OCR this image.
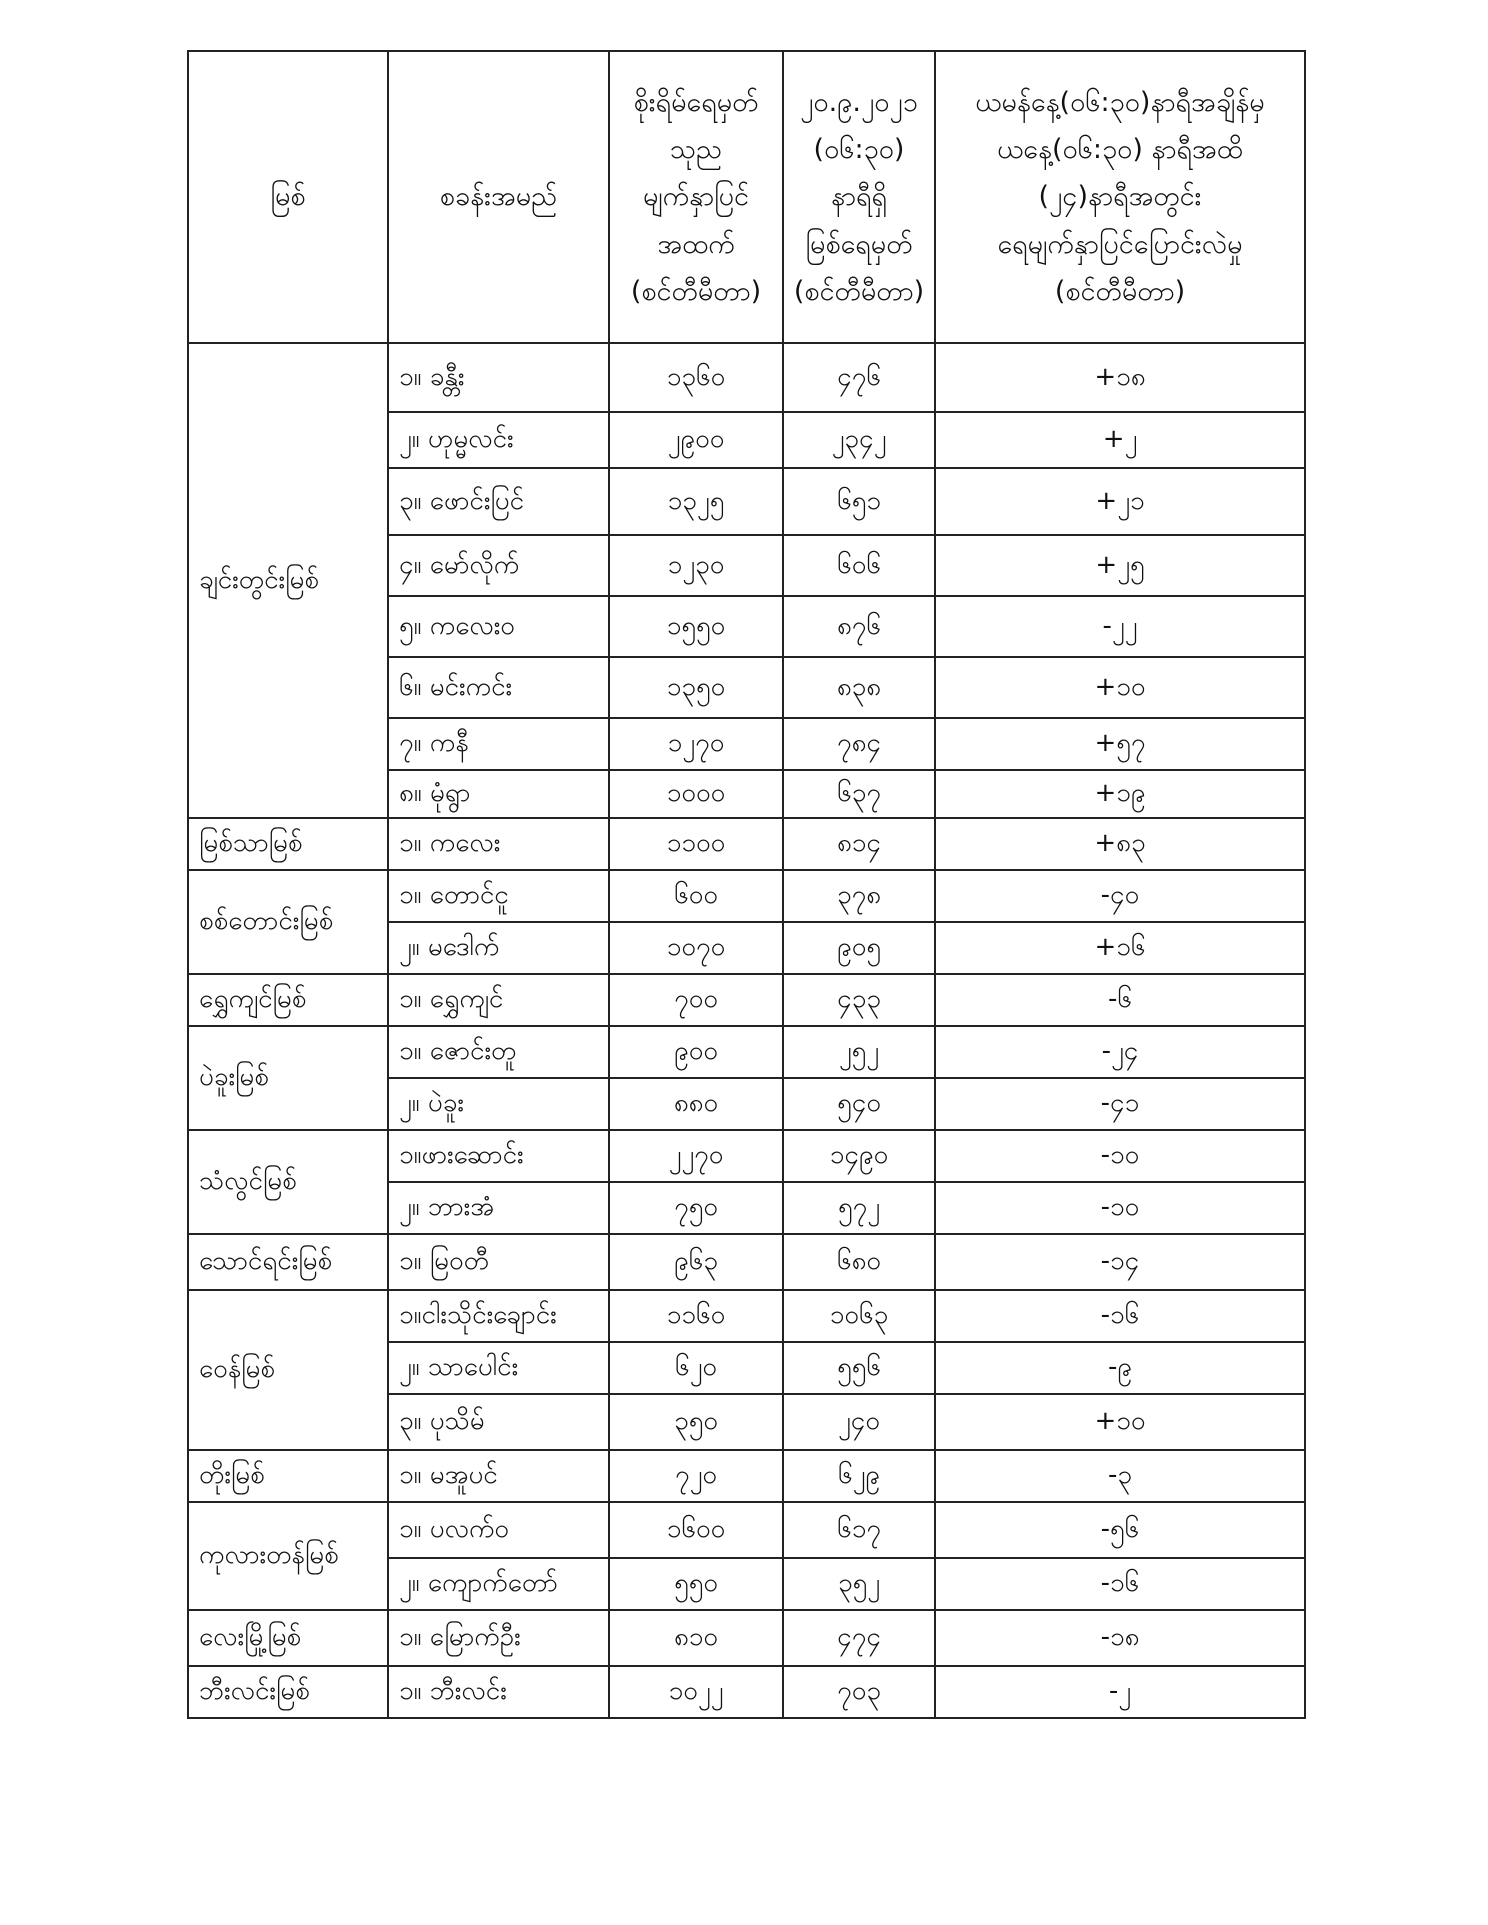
မြစ်	စခန်းအမည်	စိုးရိမ်ရေမှတ်
သုည
မျက်နှာပြင်
အထက်
(စင်တီမီတာ)	၂၀.၉.၂၀၂၁
(၀၆:၃၀)
နာရီရှိ
မြစ်ရေမှတ်
(စင်တီမီတာ)	ယမန်နေ့(၀၆:၃၀)နာရီအချိန်မှ
ယနေ့(၀၆:၃၀) နာရီအထိ
(၂၄)နာရီအတွင်း
ရေမျက်နှာပြင်ပြောင်းလဲမှု
(စင်တီမီတာ)

ချင်းတွင်းမြစ်	၁။ ခန္တီး	၁၃၆၀	၄၇၆	+၁၈
	၂။ ဟုမ္မလင်း	၂၉၀၀	၂၃၄၂	+၂
	၃။ ဖောင်းပြင်	၁၃၂၅	၆၅၁	+၂၁
	၄။ မော်လိုက်	၁၂၃၀	၆၀၆	+၂၅
	၅။ ကလေးဝ	၁၅၅၀	၈၇၆	-၂၂
	၆။ မင်းကင်း	၁၃၅၀	၈၃၈	+၁၀
	၇။ ကနီ	၁၂၇၀	၇၈၄	+၅၇
	၈။ မုံရွာ	၁၀၀၀	၆၃၇	+၁၉
မြစ်သာမြစ်	၁။ ကလေး	၁၁၀၀	၈၁၄	+၈၃
စစ်တောင်းမြစ်	၁။ တောင်ငူ	၆၀၀	၃၇၈	-၄၀
	၂။ မဒေါက်	၁၀၇၀	၉၀၅	+၁၆
ရွှေကျင်မြစ်	၁။ ရွှေကျင်	၇၀၀	၄၃၃	-၆
ပဲခူးမြစ်	၁။ ဇောင်းတူ	၉၀၀	၂၅၂	-၂၄
	၂။ ပဲခူး	၈၈၀	၅၄၀	-၄၁
သံလွင်မြစ်	၁။ဖားဆောင်း	၂၂၇၀	၁၄၉၀	-၁၀
	၂။ ဘားအံ	၇၅၀	၅၇၂	-၁၀
သောင်ရင်းမြစ်	၁။ မြဝတီ	၉၆၃	၆၈၀	-၁၄
ဝေန်မြစ်	၁။ငါးသိုင်းချောင်း	၁၁၆၀	၁၀၆၃	-၁၆
	၂။ သာပေါင်း	၆၂၀	၅၅၆	-၉
	၃။ ပုသိမ်	၃၅၀	၂၄၀	+၁၀
တိုးမြစ်	၁။ မအူပင်	၇၂၀	၆၂၉	-၃
ကုလားတန်မြစ်	၁။ ပလက်ဝ	၁၆၀၀	၆၁၇	-၅၆
	၂။ ကျောက်တော်	၅၅၀	၃၅၂	-၁၆
လေးမြို့မြစ်	၁။ မြောက်ဦး	၈၁၀	၄၇၄	-၁၈
ဘီးလင်းမြစ်	၁။ ဘီးလင်း	၁၀၂၂	၇၀၃	-၂
